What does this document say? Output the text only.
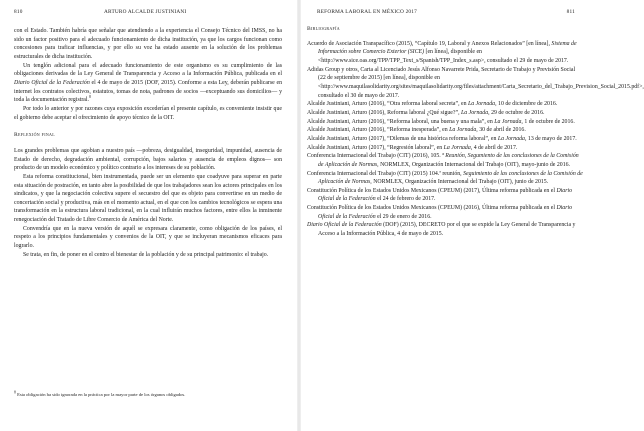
810	ARTURO ALCALDE JUSTINIANI

con el Estado. También habría que señalar que atendiendo a la experiencia el Consejo Técnico del IMSS, no ha sido un factor positivo para el adecuado funcionamiento de dicha institución, ya que los cargos funcionan como concesiones para traficar influencias, y por ello su voz ha estado ausente en la solución de los problemas estructurales de dicha institución.

Un tenglón adicional para el adecuado funcionamiento de este organismo es su cumplimiento de las obligaciones derivadas de la Ley General de Transparencia y Acceso a la Información Pública, publicada en el Diario Oficial de la Federación el 4 de mayo de 2015 (DOF, 2015). Conforme a esta Ley, deberán publicarse en internet los contratos colectivos, estatutos, tomas de nota, padrones de socios —exceptuando sus domicilios— y toda la documentación registral.$^8$

Por todo lo anterior y por razones cuya exposición excederían el presente capítulo, es conveniente insistir que el gobierno debe aceptar el ofrecimiento de apoyo técnico de la OIT.

Reflexión final

Los grandes problemas que agobian a nuestro país —pobreza, desigualdad, inseguridad, impunidad, ausencia de Estado de derecho, degradación ambiental, corrupción, bajos salarios y ausencia de empleos dignos— son producto de un modelo económico y político contrario a los intereses de su población.

Esta reforma constitucional, bien instrumentada, puede ser un elemento que coadyuve para superar en parte esta situación de postración, en tanto abre la posibilidad de que los trabajadores sean los actores principales en los sindicatos, y que la negociación colectiva supere el secuestro del que es objeto para convertirse en un medio de concertación social y productiva, más en el momento actual, en el que con los cambios tecnológicos se espera una transformación en la estructura laboral tradicional, en la cual influirán muchos factores, entre ellos la inminente renegociación del Tratado de Libre Comercio de América del Norte.

Convendría que en la nueva versión de aquél se expresara claramente, como obligación de los países, el respeto a los principios fundamentales y convenios de la OIT, y que se incluyeran mecanismos eficaces para lograrlo.

Se trata, en fin, de poner en el centro el bienestar de la población y de su principal patrimonio: el trabajo.

$^8$ Esta obligación ha sido ignorada en la práctica por la mayor parte de los órganos obligados.
REFORMA LABORAL EN MÉXICO 2017	811
Bibliografía

Acuerdo de Asociación Transpacífico (2015), “Capítulo 19, Laboral y Anexos Relacionados” [en línea], Sistema de Información sobre Comercio Exterior (SICE) [en línea], disponible en <http://www.sice.oas.org/TPP/TPP_Text_s/Spanish/TPP_Index_s.asp>, consultado el 29 de mayo de 2017.

Adidas Group y otros, Carta al Licenciado Jesús Alfonso Navarrete Prida, Secretario de Trabajo y Previsión Social (22 de septiembre de 2015) [en línea], disponible en <http://www.maquilasolidarity.org/sites/maquilasolidarity.org/files/attachment/Carta_Secretario_del_Trabajo_Prevision_Social_2015.pdf>, consultado el 30 de mayo de 2017.

Alcalde Justiniani, Arturo (2016), “Otra reforma laboral secreta”, en La Jornada, 10 de diciembre de 2016.

Alcalde Justiniani, Arturo (2016), Reforma laboral ¿Qué sigue?”, La Jornada, 29 de octubre de 2016.

Alcalde Justiniani, Arturo (2016), “Reforma laboral, una buena y una mala”, en La Jornada, 1 de octubre de 2016.

Alcalde Justiniani, Arturo (2016), “Reforma inesperada”, en La Jornada, 30 de abril de 2016.

Alcalde Justiniani, Arturo (2017), “Dilemas de una histórica reforma laboral”, en La Jornada, 13 de mayo de 2017.

Alcalde Justiniani, Arturo (2017), “Regresión laboral”, en La Jornada, 4 de abril de 2017.

Conferencia Internacional del Trabajo (CIT) (2016), 105. ª Reunión, Segumiento de las conclusiones de la Comisión de Aplicación de Normas, NORMLEX, Organización Internacional del Trabajo (OIT), mayo-junio de 2016.

Conferencia Internacional del Trabajo (CIT) (2015) 104.ª reunión, Seguimiento de las conclusiones de la Comisión de Aplicación de Normas, NORMLEX, Organización Internacional del Trabajo (OIT), junio de 2015.

Constitución Política de los Estados Unidos Mexicanos (CPEUM) (2017), Última reforma publicada en el Diario Oficial de la Federación el 24 de febrero de 2017.

Constitución Política de los Estados Unidos Mexicanos (CPEUM) (2016), Última reforma publicada en el Diario Oficial de la Federación el 29 de enero de 2016.

Diario Oficial de la Federación (DOF) (2015), DECRETO por el que se expide la Ley General de Transparencia y Acceso a la Información Pública, 4 de mayo de 2015.
